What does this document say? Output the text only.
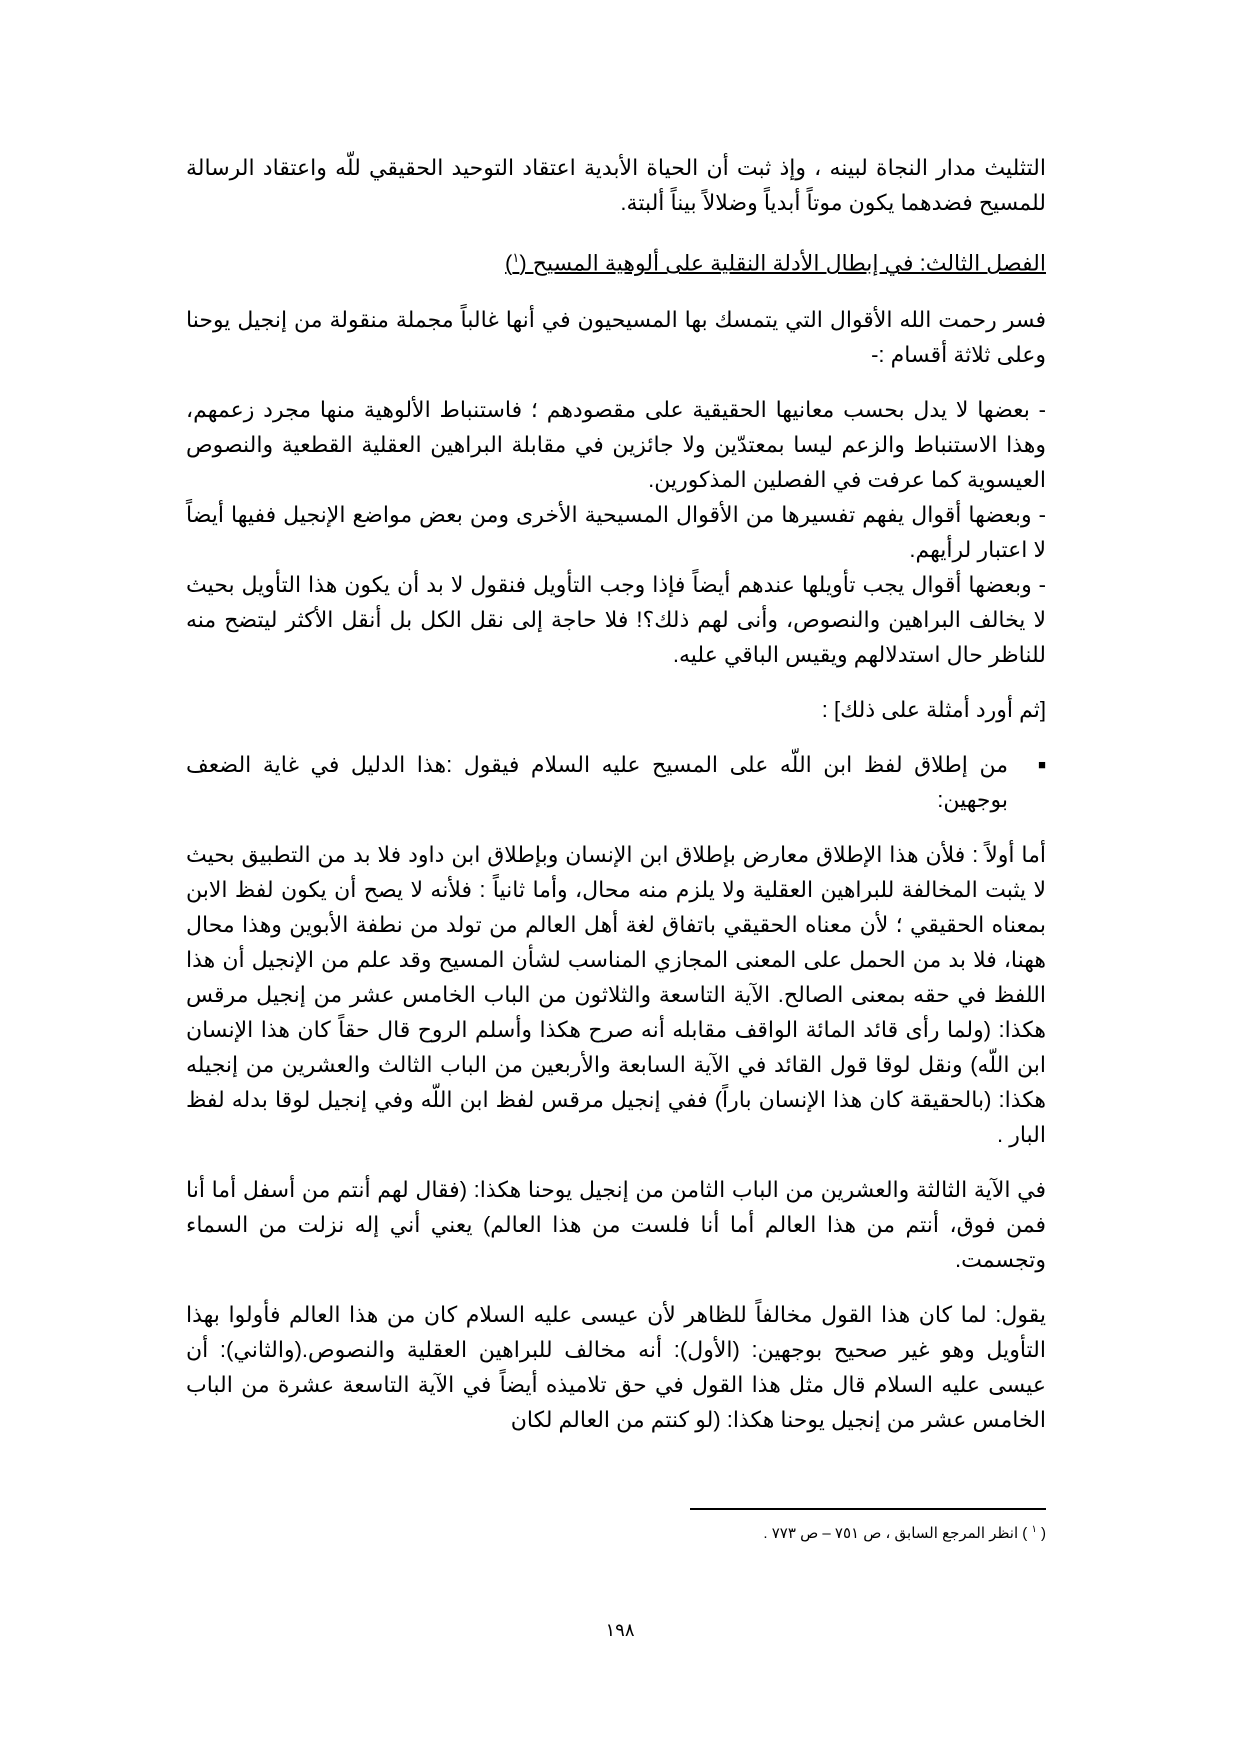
التثليث مدار النجاة لبينه ، وإذ ثبت أن الحياة الأبدية اعتقاد التوحيد الحقيقي للّه واعتقاد الرسالة للمسيح فضدهما يكون موتاً أبدياً وضلالاً بيناً ألبتة.

الفصل الثالث: في إبطال الأدلة النقلية على ألوهية المسيح ($^١$)

فسر رحمت الله الأقوال التي يتمسك بها المسيحيون في أنها غالباً مجملة منقولة من إنجيل يوحنا وعلى ثلاثة أقسام :-

- بعضها لا يدل بحسب معانيها الحقيقية على مقصودهم ؛ فاستنباط الألوهية منها مجرد زعمهم، وهذا الاستنباط والزعم ليسا بمعتدّين ولا جائزين في مقابلة البراهين العقلية القطعية والنصوص العيسوية كما عرفت في الفصلين المذكورين.

- وبعضها أقوال يفهم تفسيرها من الأقوال المسيحية الأخرى ومن بعض مواضع الإنجيل ففيها أيضاً لا اعتبار لرأيهم.

- وبعضها أقوال يجب تأويلها عندهم أيضاً فإذا وجب التأويل فنقول لا بد أن يكون هذا التأويل بحيث لا يخالف البراهين والنصوص، وأنى لهم ذلك؟! فلا حاجة إلى نقل الكل بل أنقل الأكثر ليتضح منه للناظر حال استدلالهم ويقيس الباقي عليه.

[ثم أورد أمثلة على ذلك] :

■
من إطلاق لفظ ابن اللّه على المسيح عليه السلام فيقول :هذا الدليل في غاية الضعف بوجهين:

أما أولاً : فلأن هذا الإطلاق معارض بإطلاق ابن الإنسان وبإطلاق ابن داود فلا بد من التطبيق بحيث لا يثبت المخالفة للبراهين العقلية ولا يلزم منه محال، وأما ثانياً : فلأنه لا يصح أن يكون لفظ الابن بمعناه الحقيقي ؛ لأن معناه الحقيقي باتفاق لغة أهل العالم من تولد من نطفة الأبوين وهذا محال ههنا، فلا بد من الحمل على المعنى المجازي المناسب لشأن المسيح وقد علم من الإنجيل أن هذا اللفظ في حقه بمعنى الصالح. الآية التاسعة والثلاثون من الباب الخامس عشر من إنجيل مرقس هكذا: (ولما رأى قائد المائة الواقف مقابله أنه صرح هكذا وأسلم الروح قال حقاً كان هذا الإنسان ابن اللّه) ونقل لوقا قول القائد في الآية السابعة والأربعين من الباب الثالث والعشرين من إنجيله هكذا: (بالحقيقة كان هذا الإنسان باراً) ففي إنجيل مرقس لفظ ابن اللّه وفي إنجيل لوقا بدله لفظ البار .

في الآية الثالثة والعشرين من الباب الثامن من إنجيل يوحنا هكذا: (فقال لهم أنتم من أسفل أما أنا فمن فوق، أنتم من هذا العالم أما أنا فلست من هذا العالم) يعني أني إله نزلت من السماء وتجسمت.

يقول: لما كان هذا القول مخالفاً للظاهر لأن عيسى عليه السلام كان من هذا العالم فأولوا بهذا التأويل وهو غير صحيح بوجهين: (الأول): أنه مخالف للبراهين العقلية والنصوص.(والثاني): أن عيسى عليه السلام قال مثل هذا القول في حق تلاميذه أيضاً في الآية التاسعة عشرة من الباب الخامس عشر من إنجيل يوحنا هكذا: (لو كنتم من العالم لكان

( $^١$ ) انظر المرجع السابق ، ص ٧٥١ – ص ٧٧٣ .
١٩٨
